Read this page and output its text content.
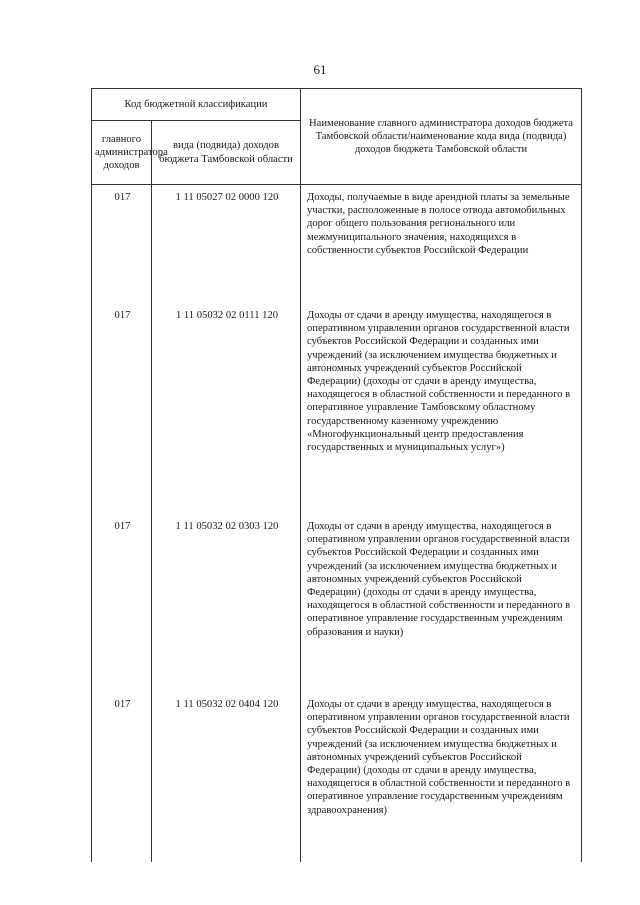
61
Код бюджетной классификации		Наименование главного администратора доходов бюджета Тамбовской области/наименование кода вида (подвида) доходов бюджета Тамбовской области
главного администратора доходов	вида (подвида) доходов бюджета Тамбовской области	
017	1 11 05027 02 0000 120	Доходы, получаемые в виде арендной платы за земельные участки, расположенные в полосе отвода автомобильных дорог общего пользования регионального или межмуниципального значения, находящихся в собственности субъектов Российской Федерации
017	1 11 05032 02 0111 120	Доходы от сдачи в аренду имущества, находящегося в оперативном управлении органов государственной власти субъектов Российской Федерации и созданных ими учреждений (за исключением имущества бюджетных и автономных учреждений субъектов Российской Федерации) (доходы от сдачи в аренду имущества, находящегося в областной собственности и переданного в оперативное управление Тамбовскому областному государственному казенному учреждению «Многофункциональный центр предоставления государственных и муниципальных услуг»)
017	1 11 05032 02 0303 120	Доходы от сдачи в аренду имущества, находящегося в оперативном управлении органов государственной власти субъектов Российской Федерации и созданных ими учреждений (за исключением имущества бюджетных и автономных учреждений субъектов Российской Федерации) (доходы от сдачи в аренду имущества, находящегося в областной собственности и переданного в оперативное управление государственным учреждениям образования и науки)
017	1 11 05032 02 0404 120	Доходы от сдачи в аренду имущества, находящегося в оперативном управлении органов государственной власти субъектов Российской Федерации и созданных ими учреждений (за исключением имущества бюджетных и автономных учреждений субъектов Российской Федерации) (доходы от сдачи в аренду имущества, находящегося в областной собственности и переданного в оперативное управление государственным учреждениям здравоохранения)
